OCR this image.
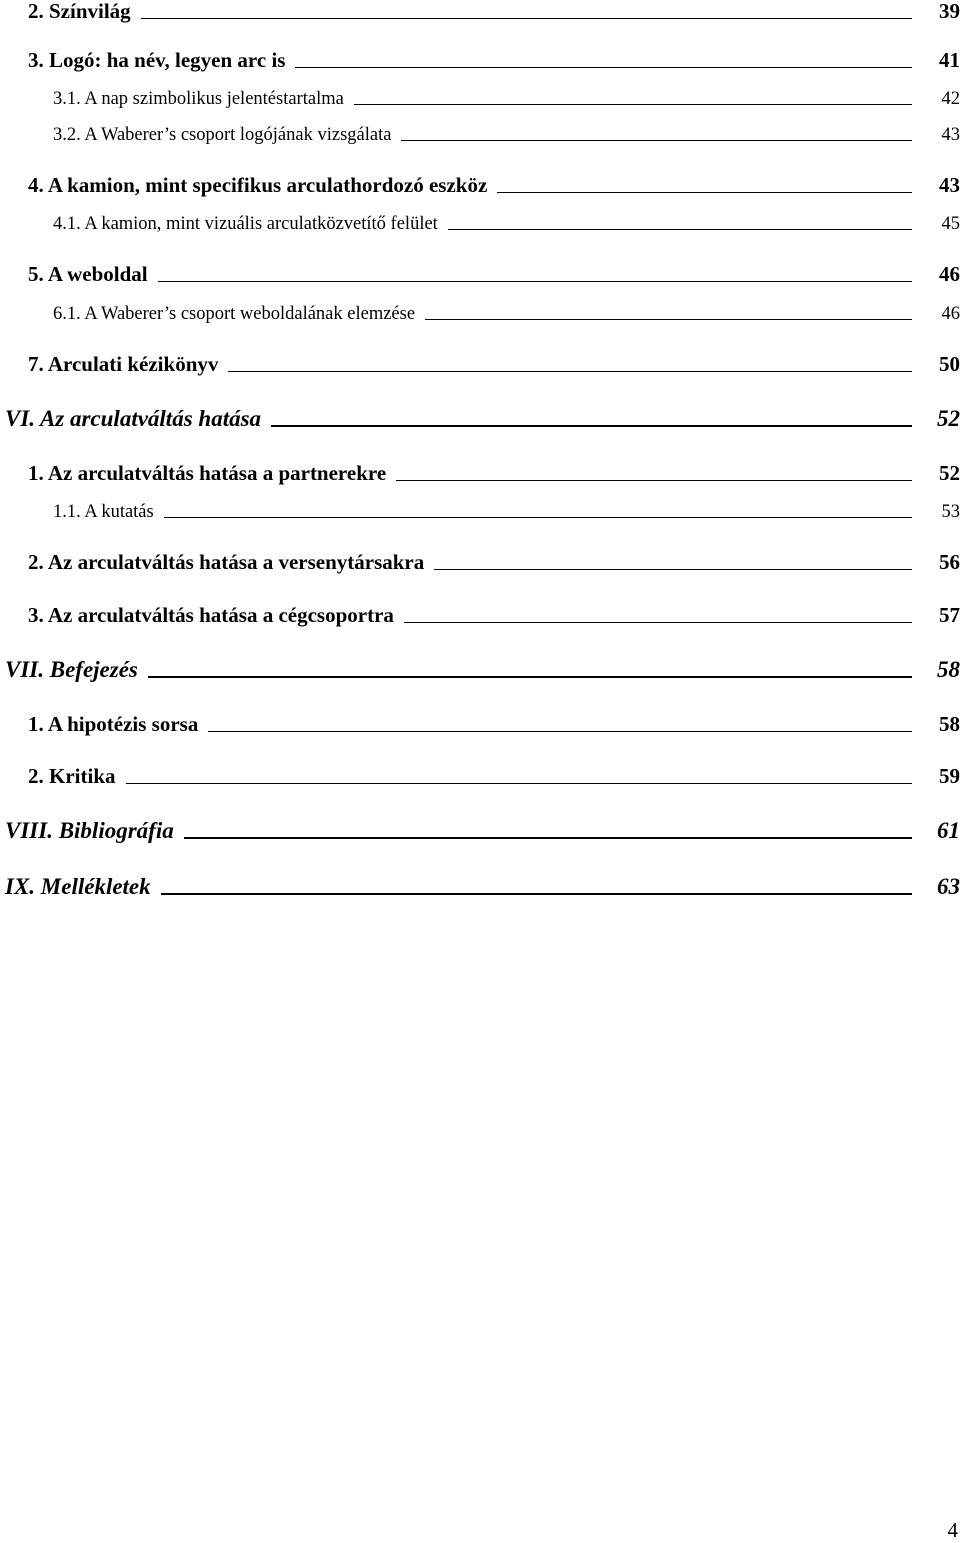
2. Színvilág	39
3. Logó: ha név, legyen arc is	41
3.1. A nap szimbolikus jelentéstartalma	42
3.2. A Waberer’s csoport logójának vizsgálata	43
4. A kamion, mint specifikus arculathordozó eszköz	43
4.1. A kamion, mint vizuális arculatközvetítő felület	45
5. A weboldal	46
6.1. A Waberer’s csoport weboldalának elemzése	46
7. Arculati kézikönyv	50
VI. Az arculatváltás hatása	52
1. Az arculatváltás hatása a partnerekre	52
1.1. A kutatás	53
2. Az arculatváltás hatása a versenytársakra	56
3. Az arculatváltás hatása a cégcsoportra	57
VII. Befejezés	58
1. A hipotézis sorsa	58
2. Kritika	59
VIII. Bibliográfia	61
IX. Mellékletek	63
4
